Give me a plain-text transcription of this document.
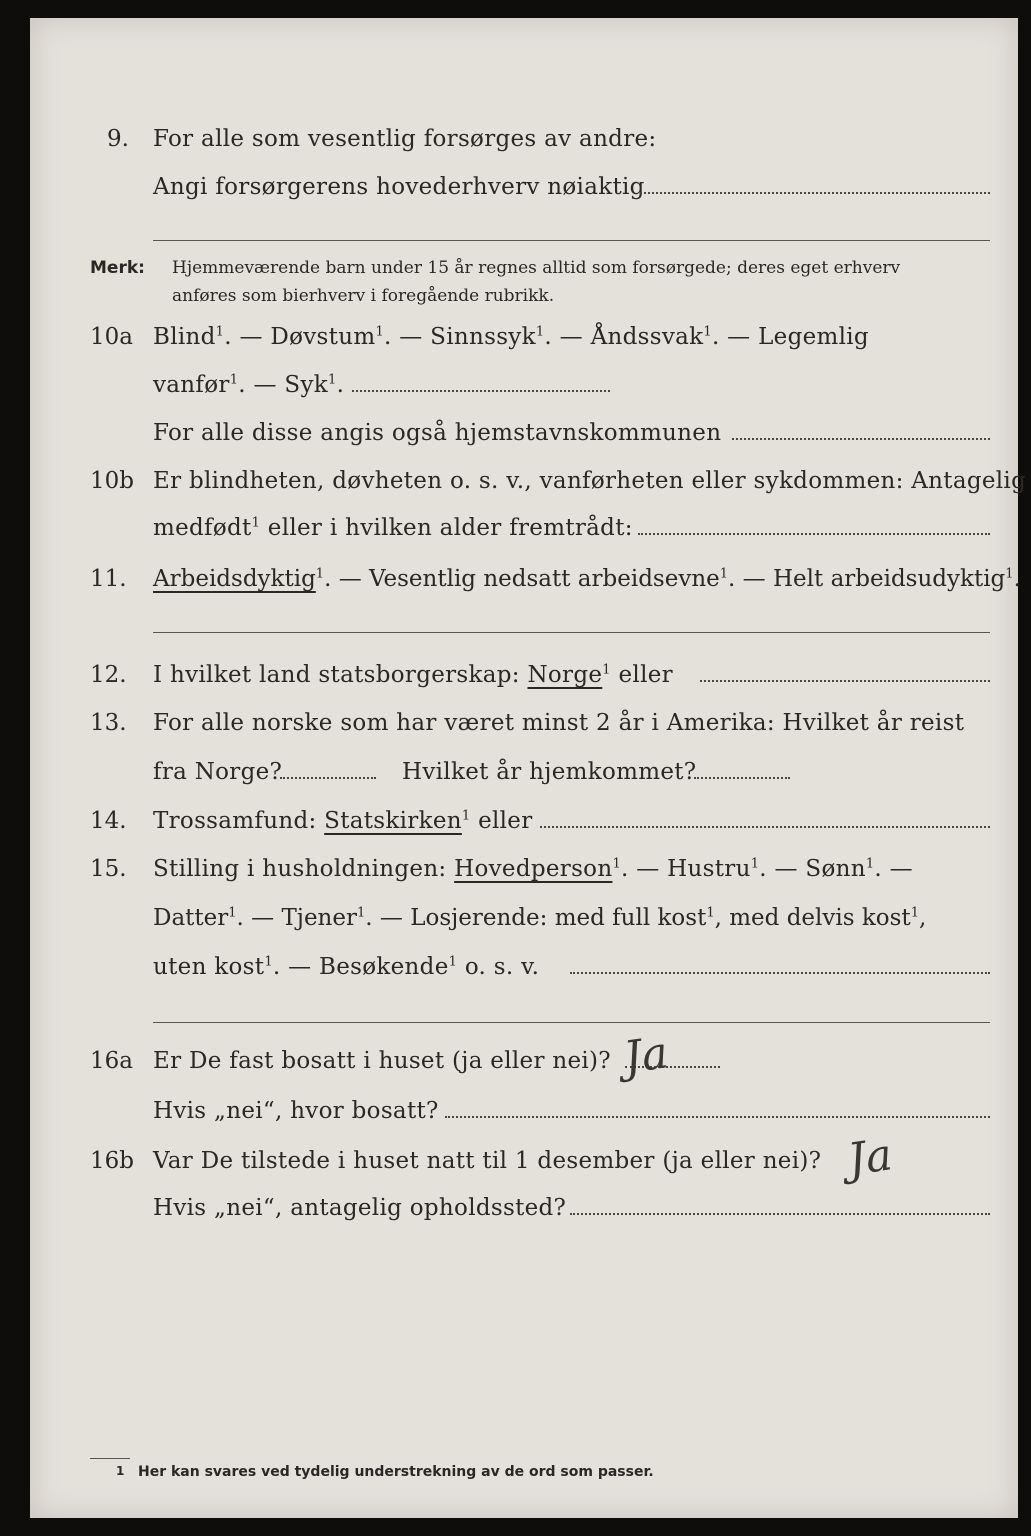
9. For alle som vesentlig forsørges av andre:
Angi forsørgerens hovederhverv nøiaktig
Merk: Hjemmeværende barn under 15 år regnes alltid som forsørgede; deres eget erhverv
anføres som bierhverv i foregående rubrikk.
10a Blind$^1$. — Døvstum$^1$. — Sinnssyk$^1$. — Åndssvak$^1$. — Legemlig
vanfør$^1$. — Syk$^1$.
For alle disse angis også hjemstavnskommunen
10b Er blindheten, døvheten o. s. v., vanførheten eller sykdommen: Antagelig
medfødt$^1$ eller i hvilken alder fremtrådt:
11. Arbeidsdyktig$^1$. — Vesentlig nedsatt arbeidsevne$^1$. — Helt arbeidsudyktig$^1$.
12. I hvilket land statsborgerskap: Norge$^1$ eller
13. For alle norske som har været minst 2 år i Amerika: Hvilket år reist
fra Norge?	Hvilket år hjemkommet?
14. Trossamfund: Statskirken$^1$ eller
15. Stilling i husholdningen: Hovedperson$^1$. — Hustru$^1$. — Sønn$^1$. —
Datter$^1$. — Tjener$^1$. — Losjerende: med full kost$^1$, med delvis kost$^1$,
uten kost$^1$. — Besøkende$^1$ o. s. v.
16a Er De fast bosatt i huset (ja eller nei)? Ja
Hvis „nei“, hvor bosatt?
16b Var De tilstede i huset natt til 1 desember (ja eller nei)? Ja
Hvis „nei“, antagelig opholdssted?
1 Her kan svares ved tydelig understrekning av de ord som passer.
